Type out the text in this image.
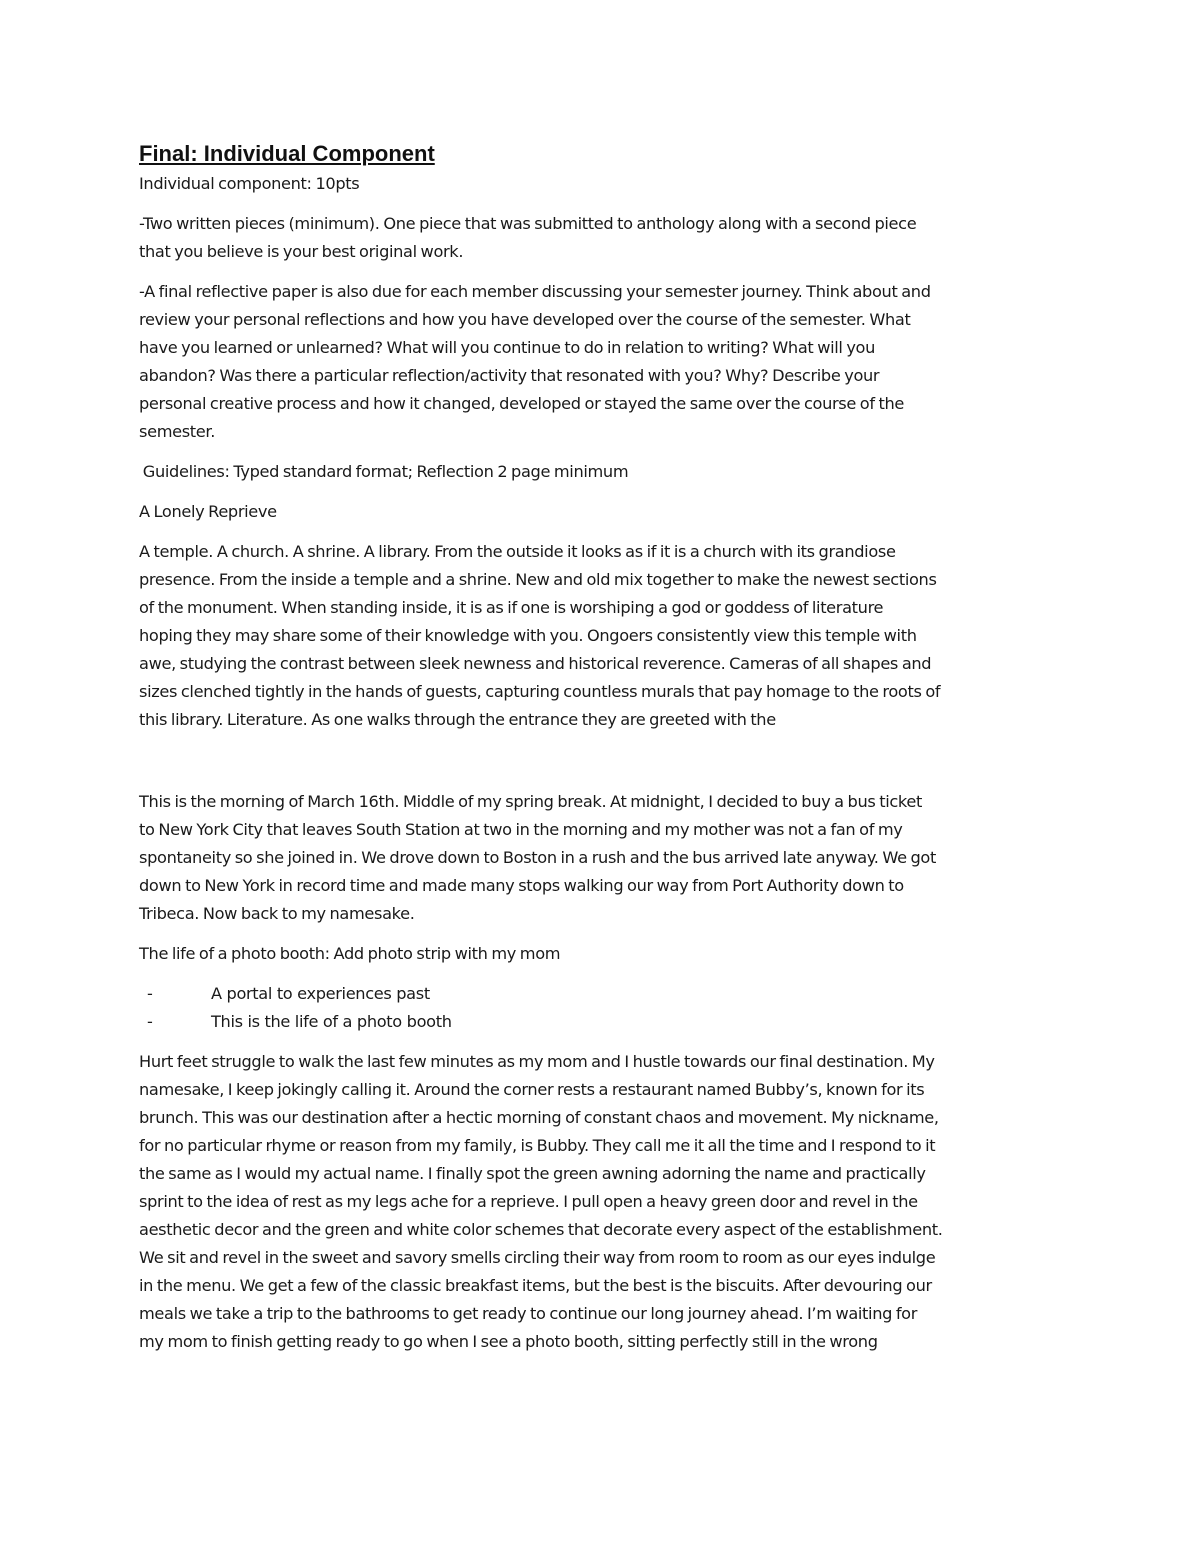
Final: Individual Component

Individual component: 10pts

-Two written pieces (minimum). One piece that was submitted to anthology along with a second piece

that you believe is your best original work.

-A final reflective paper is also due for each member discussing your semester journey. Think about and

review your personal reflections and how you have developed over the course of the semester. What

have you learned or unlearned? What will you continue to do in relation to writing? What will you

abandon? Was there a particular reflection/activity that resonated with you? Why? Describe your

personal creative process and how it changed, developed or stayed the same over the course of the

semester.

Guidelines: Typed standard format; Reflection 2 page minimum

A Lonely Reprieve

A temple. A church. A shrine. A library. From the outside it looks as if it is a church with its grandiose

presence. From the inside a temple and a shrine. New and old mix together to make the newest sections

of the monument. When standing inside, it is as if one is worshiping a god or goddess of literature

hoping they may share some of their knowledge with you. Ongoers consistently view this temple with

awe, studying the contrast between sleek newness and historical reverence. Cameras of all shapes and

sizes clenched tightly in the hands of guests, capturing countless murals that pay homage to the roots of

this library. Literature. As one walks through the entrance they are greeted with the

This is the morning of March 16th. Middle of my spring break. At midnight, I decided to buy a bus ticket

to New York City that leaves South Station at two in the morning and my mother was not a fan of my

spontaneity so she joined in. We drove down to Boston in a rush and the bus arrived late anyway. We got

down to New York in record time and made many stops walking our way from Port Authority down to

Tribeca. Now back to my namesake.

The life of a photo booth: Add photo strip with my mom

-	A portal to experiences past
-	This is the life of a photo booth

Hurt feet struggle to walk the last few minutes as my mom and I hustle towards our final destination. My

namesake, I keep jokingly calling it. Around the corner rests a restaurant named Bubby’s, known for its

brunch. This was our destination after a hectic morning of constant chaos and movement. My nickname,

for no particular rhyme or reason from my family, is Bubby. They call me it all the time and I respond to it

the same as I would my actual name. I finally spot the green awning adorning the name and practically

sprint to the idea of rest as my legs ache for a reprieve. I pull open a heavy green door and revel in the

aesthetic decor and the green and white color schemes that decorate every aspect of the establishment.

We sit and revel in the sweet and savory smells circling their way from room to room as our eyes indulge

in the menu. We get a few of the classic breakfast items, but the best is the biscuits. After devouring our

meals we take a trip to the bathrooms to get ready to continue our long journey ahead. I’m waiting for

my mom to finish getting ready to go when I see a photo booth, sitting perfectly still in the wrong
